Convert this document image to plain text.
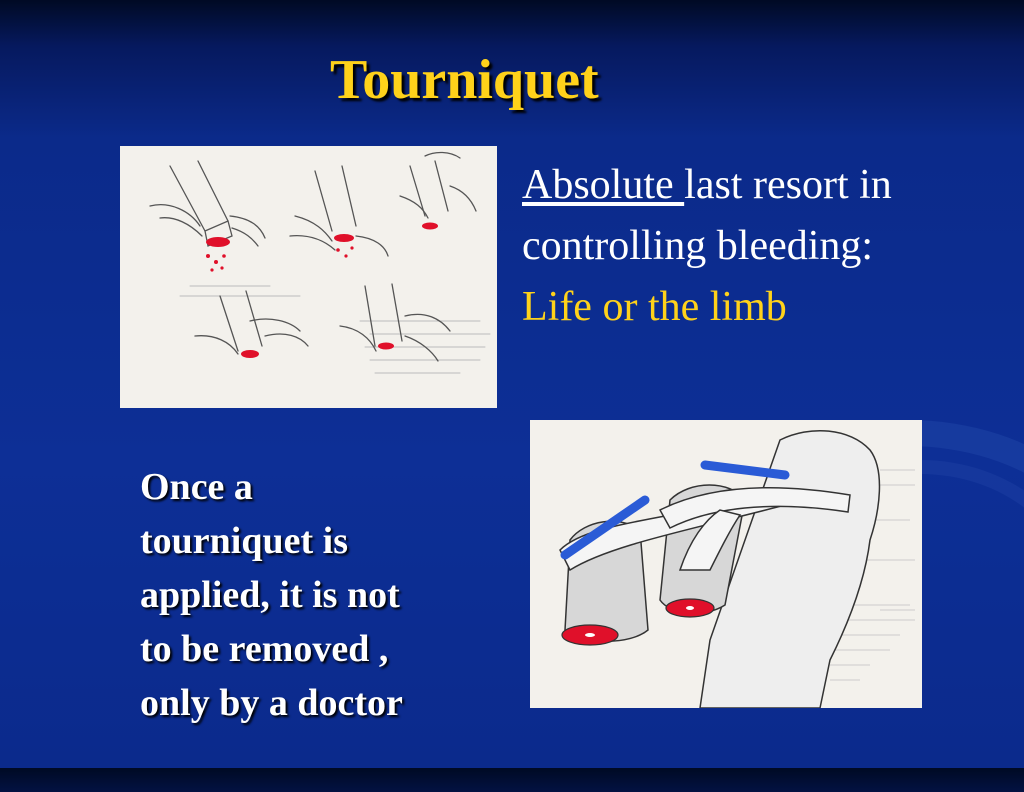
Tourniquet
Absolute last resort in controlling bleeding:
Life or the limb
Once a
tourniquet is
applied, it is not
to be removed ,
only by a doctor
